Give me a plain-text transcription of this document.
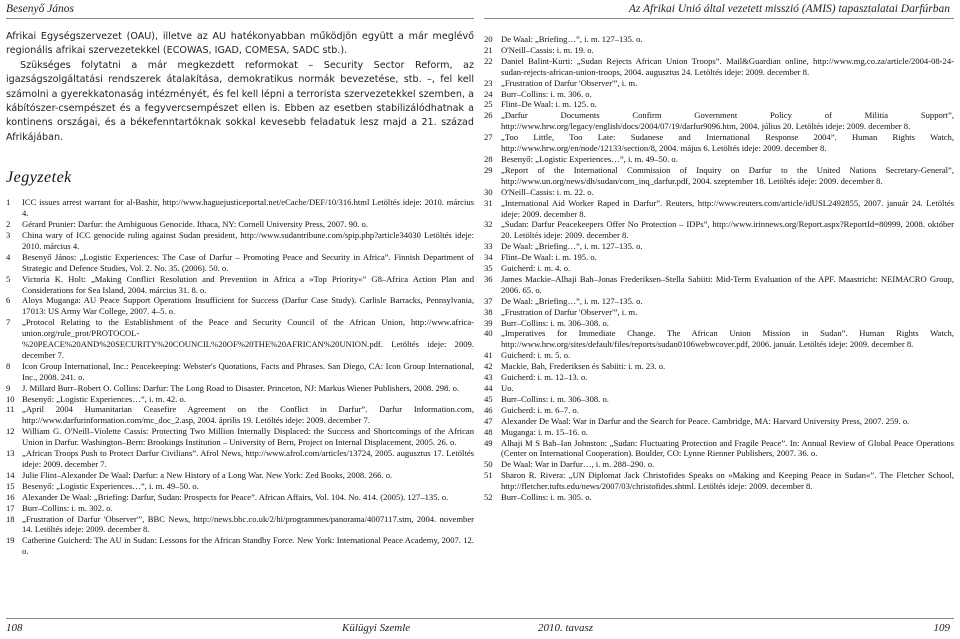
Besenyő János	Az Afrikai Unió által vezetett misszió (AMIS) tapasztalatai Darfúrban

Afrikai Egységszervezet (OAU), illetve az AU hatékonyabban működjön együtt a már meglévő regionális afrikai szervezetekkel (ECOWAS, IGAD, COMESA, SADC stb.).

Szükséges folytatni a már megkezdett reformokat – Security Sector Reform, az igazságszolgáltatási rendszerek átalakítása, demokratikus normák bevezetése, stb. –, fel kell számolni a gyerekkatonaság intézményét, és fel kell lépni a terrorista szervezetekkel szemben, a kábítószer-csempészet és a fegyvercsempészet ellen is. Ebben az esetben stabilizálódhatnak a kontinens országai, és a békefenntartóknak sokkal kevesebb feladatuk lesz majd a 21. század Afrikájában.

Jegyzetek
1	ICC issues arrest warrant for al-Bashir, http://www.haguejusticeportal.net/eCache/DEF/10/316.html Letöltés ideje: 2010. március 4.
2	Gérard Prunier: Darfur: the Ambiguous Genocide. Ithaca, NY: Cornell University Press, 2007. 90. o.
3	China wary of ICC genocide ruling against Sudan president, http://www.sudantribune.com/spip.php?article34030 Letöltés ideje: 2010. március 4.
4	Besenyő János: „Logistic Experiences: The Case of Darfur – Promoting Peace and Security in Africa”. Finnish Department of Strategic and Defence Studies, Vol. 2. No. 35. (2006). 50. o.
5	Victoria K. Holt: „Making Conflict Resolution and Prevention in Africa a »Top Priority«” G8–Africa Action Plan and Considerations for Sea Island, 2004. március 31. 8. o.
6	Aloys Muganga: AU Peace Support Operations Insufficient for Success (Darfur Case Study). Carlisle Barracks, Pennsylvania, 17013: US Army War College, 2007. 4–5. o.
7	„Protocol Relating to the Establishment of the Peace and Security Council of the African Union, http://www.africa-union.org/rule_prot/PROTOCOL-%20PEACE%20AND%20SECURITY%20COUNCIL%20OF%20THE%20AFRICAN%20UNION.pdf. Letöltés ideje: 2009. december 7.
8	Icon Group International, Inc.: Peacekeeping: Webster's Quotations, Facts and Phrases. San Diego, CA: Icon Group International, Inc., 2008. 241. o.
9	J. Millard Burr–Robert O. Collins: Darfur: The Long Road to Disaster. Princeton, NJ: Markus Wiener Publishers, 2008. 298. o.
10 Besenyő: „Logistic Experiences…”, i. m. 42. o.
11 „April 2004 Humanitarian Ceasefire Agreement on the Conflict in Darfur”. Darfur Information.com, http://www.darfurinformation.com/mc_doc_2.asp, 2004. április 19. Letöltés ideje: 2009. december 7.
12 William G. O'Neill–Violette Cassis: Protecting Two Million Internally Displaced: the Success and Shortcomings of the African Union in Darfur. Washington–Bern: Brookings Institution – University of Bern, Project on Internal Displacement, 2005. 26. o.
13 „African Troops Push to Protect Darfur Civilians”. Afrol News, http://www.afrol.com/articles/13724, 2005. augusztus 17. Letöltés ideje: 2009. december 7.
14 Julie Flint–Alexander De Waal: Darfur: a New History of a Long War. New York: Zed Books, 2008. 266. o.
15 Besenyő: „Logistic Experiences…”, i. m. 49–50. o.
16 Alexander De Waal: „Briefing: Darfur, Sudan: Prospects for Peace”. African Affairs, Vol. 104. No. 414. (2005). 127–135. o.
17 Burr–Collins: i. m. 302. o.
18 „Frustration of Darfur 'Observer'”, BBC News, http://news.bbc.co.uk/2/hi/programmes/panorama/4007117.stm, 2004. november 14. Letöltés ideje: 2009. december 8.
19 Catherine Guicherd: The AU in Sudan: Lessons for the African Standby Force. New York: International Peace Academy, 2007. 12. o.
20 De Waal: „Briefing…”, i. m. 127–135. o.
21 O'Neill–Cassis: i. m. 19. o.
22 Daniel Balint-Kurti: „Sudan Rejects African Union Troops”. Mail&Guardian online, http://www.mg.co.za/article/2004-08-24-sudan-rejects-african-union-troops, 2004. augusztus 24. Letöltés ideje: 2009. december 8.
23 „Frustration of Darfur 'Observer'”, i. m.
24 Burr–Collins: i. m. 306. o.
25 Flint–De Waal: i. m. 125. o.
26 „Darfur Documents Confirm Government Policy of Militia Support”, http://www.hrw.org/legacy/english/docs/2004/07/19/darfur9096.htm, 2004. július 20. Letöltés ideje: 2009. december 8.
27 „Too Little, Too Late: Sudanese and International Response 2004”. Human Rights Watch, http://www.hrw.org/en/node/12133/section/8, 2004. május 6. Letöltés ideje: 2009. december 8.
28 Besenyő: „Logistic Experiences…”, i. m. 49–50. o.
29 „Report of the International Commission of Inquiry on Darfur to the United Nations Secretary-General”, http://www.un.org/news/dh/sudan/com_inq_darfur.pdf, 2004. szeptember 18. Letöltés ideje: 2009. december 8.
30 O'Neill–Cassis: i. m. 22. o.
31 „International Aid Worker Raped in Darfur”. Reuters, http://www.reuters.com/article/idUSL2492855, 2007. január 24. Letöltés ideje: 2009. december 8.
32 „Sudan: Darfur Peacekeepers Offer No Protection – IDPs”, http://www.irinnews.org/Report.aspx?ReportId=80999, 2008. október 20. Letöltés ideje: 2009. december 8.
33 De Waal: „Briefing…”, i. m. 127–135. o.
34 Flint–De Waal: i. m. 195. o.
35 Guicherd: i. m. 4. o.
36 James Mackie–Alhaji Bah–Jonas Frederiksen–Stella Sabiiti: Mid-Term Evaluation of the APF. Maastricht: NEIMACRO Group, 2006. 65. o.
37 De Waal: „Briefing…”, i. m. 127–135. o.
38 „Frustration of Darfur 'Observer'”, i. m.
39 Burr–Collins: i. m. 306–308. o.
40 „Imperatives for Immediate Change. The African Union Mission in Sudan”. Human Rights Watch, http://www.hrw.org/sites/default/files/reports/sudan0106webwcover.pdf, 2006. január. Letöltés ideje: 2009. december 8.
41 Guicherd: i. m. 5. o.
42 Mackie, Bah, Frederiksen és Sabiiti: i. m. 23. o.
43 Guicherd: i. m. 12–13. o.
44 Uo.
45 Burr–Collins: i. m. 306–308. o.
46 Guicherd: i. m. 6–7. o.
47 Alexander De Waal: War in Darfur and the Search for Peace. Cambridge, MA: Harvard University Press, 2007. 259. o.
48 Muganga: i. m. 15–16. o.
49 Alhaji M S Bah–Ian Johnston: „Sudan: Fluctuating Protection and Fragile Peace”. In: Annual Review of Global Peace Operations (Center on International Cooperation). Boulder, CO: Lynne Rienner Publishers, 2007. 36. o.
50 De Waal: War in Darfur…, i. m. 288–290. o.
51 Sharon R. Rivera: „UN Diplomat Jack Christofides Speaks on »Making and Keeping Peace in Sudan«”. The Fletcher School, http://fletcher.tufts.edu/news/2007/03/christofides.shtml. Letöltés ideje: 2009. december 8.
52 Burr–Collins: i. m. 305. o.
108	Külügyi Szemle	2010. tavasz	109
